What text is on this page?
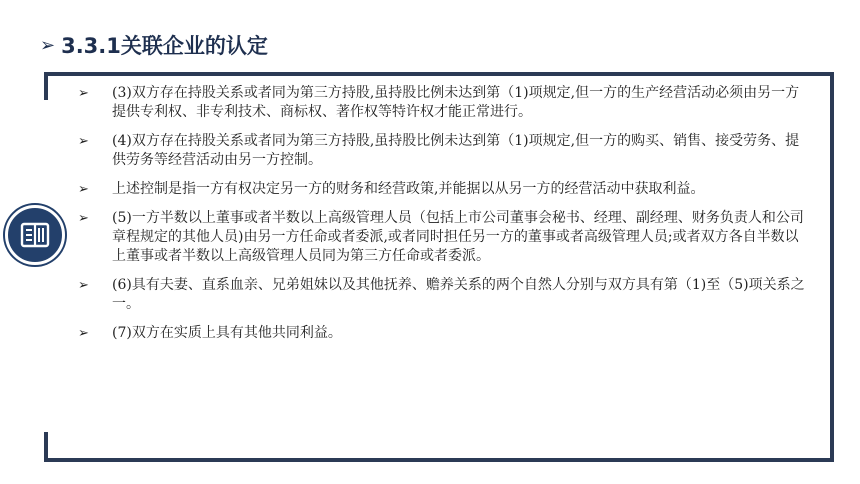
➢ 3.3.1关联企业的认定
➢	(3)双方存在持股关系或者同为第三方持股,虽持股比例未达到第（1)项规定,但一方的生产经营活动必须由另一方提供专利权、非专利技术、商标权、著作权等特许权才能正常进行。
➢	(4)双方存在持股关系或者同为第三方持股,虽持股比例未达到第（1)项规定,但一方的购买、销售、接受劳务、提供劳务等经营活动由另一方控制。
➢	上述控制是指一方有权决定另一方的财务和经营政策,并能据以从另一方的经营活动中获取利益。
➢	(5)一方半数以上董事或者半数以上高级管理人员（包括上市公司董事会秘书、经理、副经理、财务负责人和公司章程规定的其他人员)由另一方任命或者委派,或者同时担任另一方的董事或者高级管理人员;或者双方各自半数以上董事或者半数以上高级管理人员同为第三方任命或者委派。
➢	(6)具有夫妻、直系血亲、兄弟姐妹以及其他抚养、赡养关系的两个自然人分别与双方具有第（1)至（5)项关系之一。
➢	(7)双方在实质上具有其他共同利益。
